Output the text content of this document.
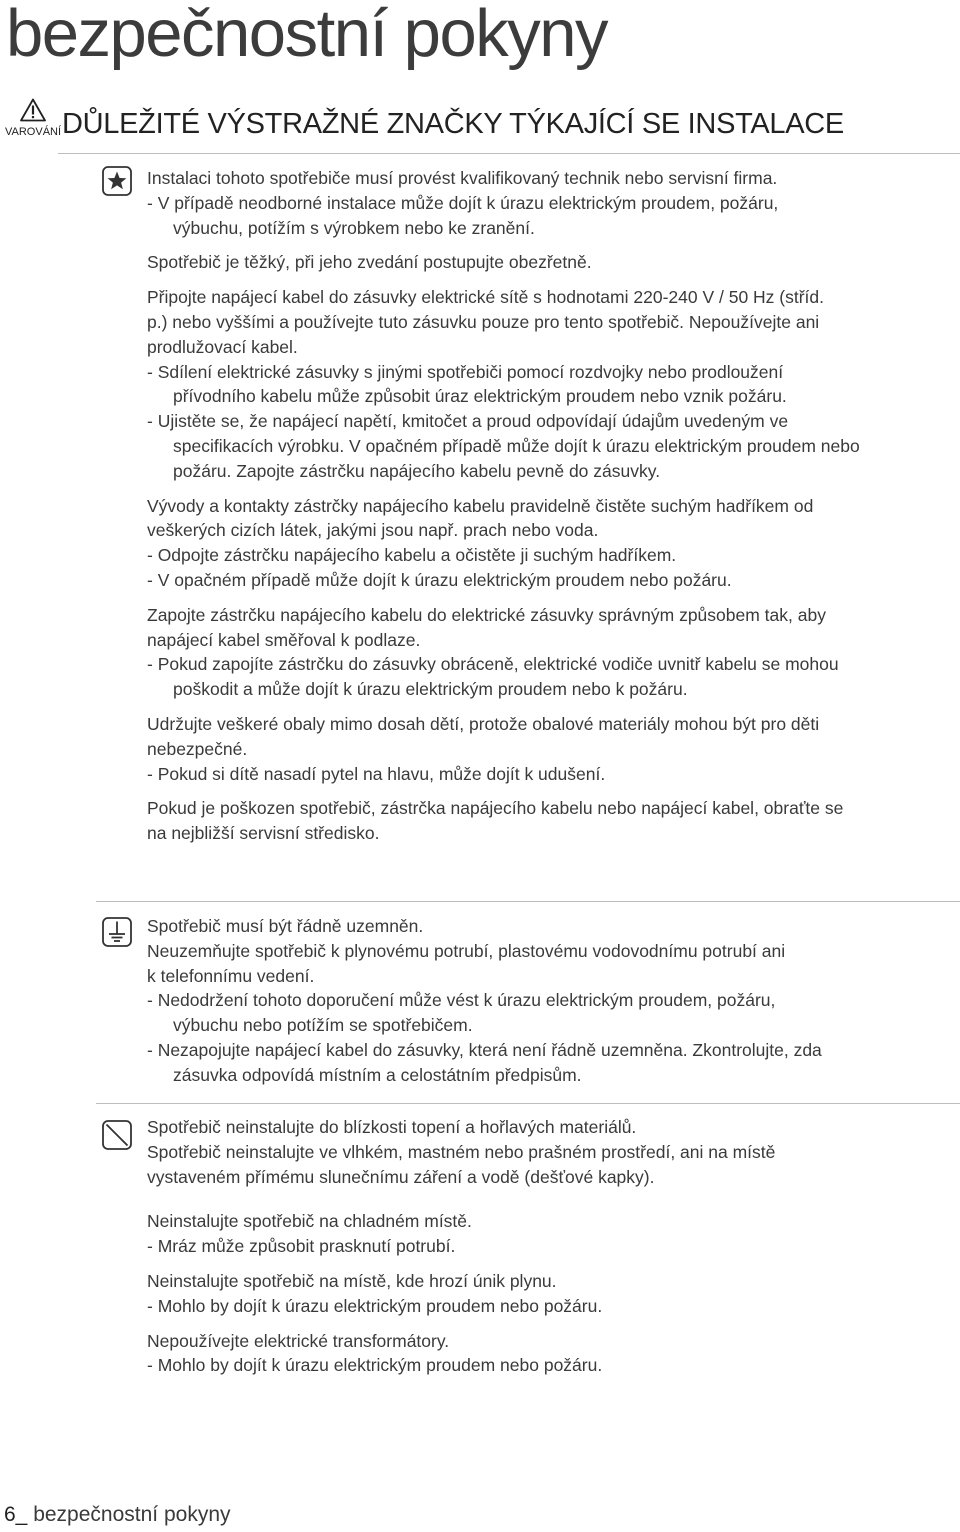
bezpečnostní pokyny
VAROVÁNÍ DŮLEŽITÉ VÝSTRAŽNÉ ZNAČKY TÝKAJÍCÍ SE INSTALACE

Instalaci tohoto spotřebiče musí provést kvalifikovaný technik nebo servisní firma.

- V případě neodborné instalace může dojít k úrazu elektrickým proudem, požáru,
výbuchu, potížím s výrobkem nebo ke zranění.

Spotřebič je těžký, při jeho zvedání postupujte obezřetně.

Připojte napájecí kabel do zásuvky elektrické sítě s hodnotami 220-240 V / 50 Hz (stříd.
p.) nebo vyššími a používejte tuto zásuvku pouze pro tento spotřebič. Nepoužívejte ani
prodlužovací kabel.

- Sdílení elektrické zásuvky s jinými spotřebiči pomocí rozdvojky nebo prodloužení
přívodního kabelu může způsobit úraz elektrickým proudem nebo vznik požáru.

- Ujistěte se, že napájecí napětí, kmitočet a proud odpovídají údajům uvedeným ve
specifikacích výrobku. V opačném případě může dojít k úrazu elektrickým proudem nebo
požáru. Zapojte zástrčku napájecího kabelu pevně do zásuvky.

Vývody a kontakty zástrčky napájecího kabelu pravidelně čistěte suchým hadříkem od
veškerých cizích látek, jakými jsou např. prach nebo voda.

- Odpojte zástrčku napájecího kabelu a očistěte ji suchým hadříkem.

- V opačném případě může dojít k úrazu elektrickým proudem nebo požáru.

Zapojte zástrčku napájecího kabelu do elektrické zásuvky správným způsobem tak, aby
napájecí kabel směřoval k podlaze.

- Pokud zapojíte zástrčku do zásuvky obráceně, elektrické vodiče uvnitř kabelu se mohou
poškodit a může dojít k úrazu elektrickým proudem nebo k požáru.

Udržujte veškeré obaly mimo dosah dětí, protože obalové materiály mohou být pro děti
nebezpečné.

- Pokud si dítě nasadí pytel na hlavu, může dojít k udušení.

Pokud je poškozen spotřebič, zástrčka napájecího kabelu nebo napájecí kabel, obraťte se
na nejbližší servisní středisko.

Spotřebič musí být řádně uzemněn.
Neuzemňujte spotřebič k plynovému potrubí, plastovému vodovodnímu potrubí ani
k telefonnímu vedení.

- Nedodržení tohoto doporučení může vést k úrazu elektrickým proudem, požáru,
výbuchu nebo potížím se spotřebičem.

- Nezapojujte napájecí kabel do zásuvky, která není řádně uzemněna. Zkontrolujte, zda
zásuvka odpovídá místním a celostátním předpisům.

Spotřebič neinstalujte do blízkosti topení a hořlavých materiálů.
Spotřebič neinstalujte ve vlhkém, mastném nebo prašném prostředí, ani na místě
vystaveném přímému slunečnímu záření a vodě (dešťové kapky).

Neinstalujte spotřebič na chladném místě.

- Mráz může způsobit prasknutí potrubí.

Neinstalujte spotřebič na místě, kde hrozí únik plynu.

- Mohlo by dojít k úrazu elektrickým proudem nebo požáru.

Nepoužívejte elektrické transformátory.

- Mohlo by dojít k úrazu elektrickým proudem nebo požáru.

6_ bezpečnostní pokyny
